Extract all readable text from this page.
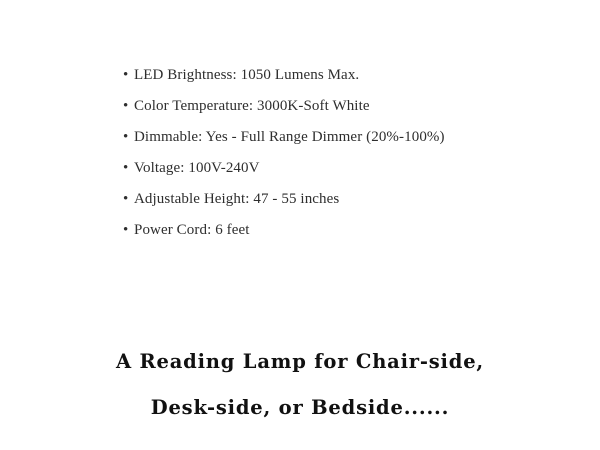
• LED Brightness: 1050 Lumens Max.
• Color Temperature: 3000K-Soft White
• Dimmable: Yes - Full Range Dimmer (20%-100%)
• Voltage: 100V-240V
• Adjustable Height: 47 - 55 inches
• Power Cord: 6 feet

A Reading Lamp for Chair-side,

Desk-side, or Bedside......
